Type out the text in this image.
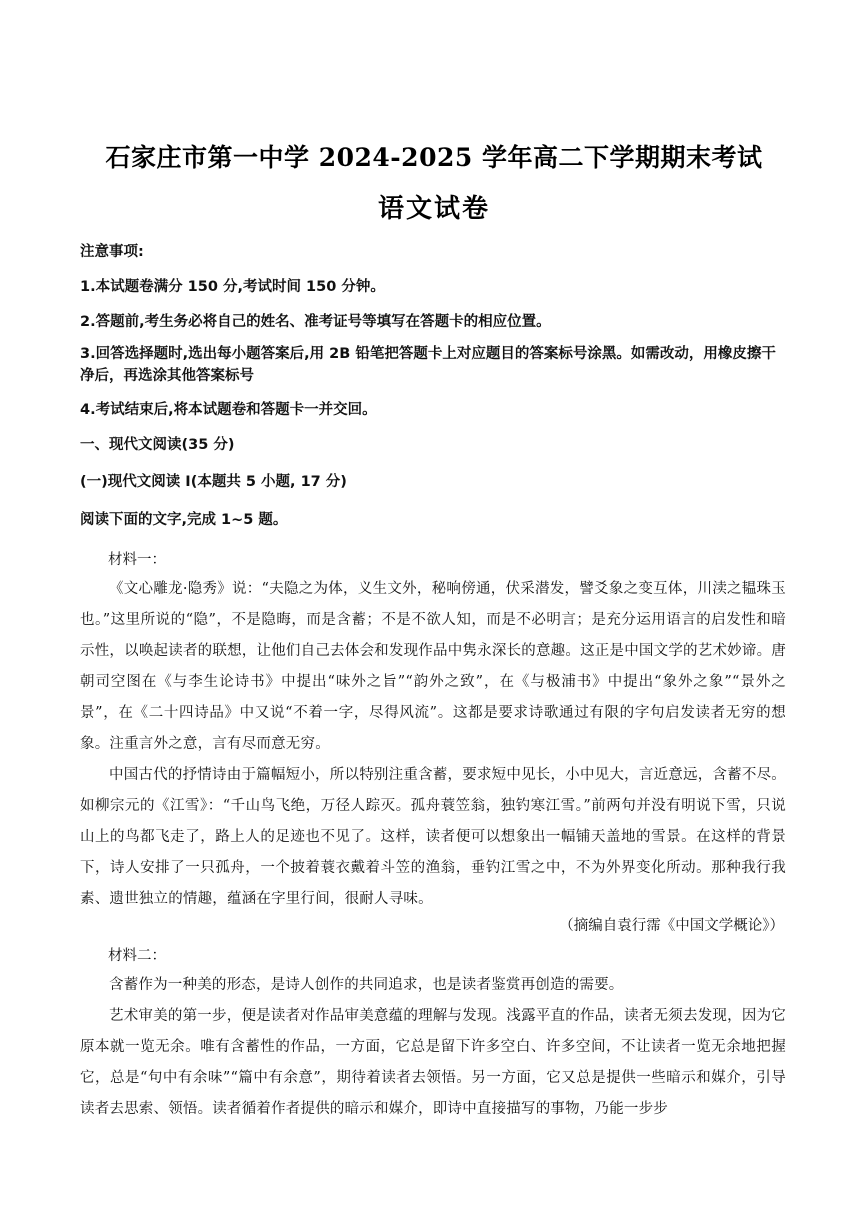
石家庄市第一中学 2024-2025 学年高二下学期期末考试
语文试卷
注意事项:
1.本试题卷满分 150 分,考试时间 150 分钟。
2.答题前,考生务必将自己的姓名、准考证号等填写在答题卡的相应位置。
3.回答选择题时,选出每小题答案后,用 2B 铅笔把答题卡上对应题目的答案标号涂黑。如需改动，用橡皮擦干净后，再选涂其他答案标号
4.考试结束后,将本试题卷和答题卡一并交回。
一、现代文阅读(35 分)
(一)现代文阅读 I(本题共 5 小题, 17 分)
阅读下面的文字,完成 1~5 题。
材料一：
《文心雕龙·隐秀》说：“夫隐之为体，义生文外，秘响傍通，伏采潜发，譬爻象之变互体，川渎之韫珠玉也。”这里所说的“隐”，不是隐晦，而是含蓄；不是不欲人知，而是不必明言；是充分运用语言的启发性和暗示性，以唤起读者的联想，让他们自己去体会和发现作品中隽永深长的意趣。这正是中国文学的艺术妙谛。唐朝司空图在《与李生论诗书》中提出“味外之旨”“韵外之致”，在《与极浦书》中提出“象外之象”“景外之景”，在《二十四诗品》中又说“不着一字，尽得风流”。这都是要求诗歌通过有限的字句启发读者无穷的想象。注重言外之意，言有尽而意无穷。
中国古代的抒情诗由于篇幅短小，所以特别注重含蓄，要求短中见长，小中见大，言近意远，含蓄不尽。如柳宗元的《江雪》：“千山鸟飞绝，万径人踪灭。孤舟蓑笠翁，独钓寒江雪。”前两句并没有明说下雪，只说山上的鸟都飞走了，路上人的足迹也不见了。这样，读者便可以想象出一幅铺天盖地的雪景。在这样的背景下，诗人安排了一只孤舟，一个披着蓑衣戴着斗笠的渔翁，垂钓江雪之中，不为外界变化所动。那种我行我素、遗世独立的情趣，蕴涵在字里行间，很耐人寻味。
（摘编自袁行霈《中国文学概论》）
材料二：
含蓄作为一种美的形态，是诗人创作的共同追求，也是读者鉴赏再创造的需要。
艺术审美的第一步，便是读者对作品审美意蕴的理解与发现。浅露平直的作品，读者无须去发现，因为它原本就一览无余。唯有含蓄性的作品，一方面，它总是留下许多空白、许多空间，不让读者一览无余地把握它，总是“句中有余味”“篇中有余意”，期待着读者去领悟。另一方面，它又总是提供一些暗示和媒介，引导读者去思索、领悟。读者循着作者提供的暗示和媒介，即诗中直接描写的事物，乃能一步步
